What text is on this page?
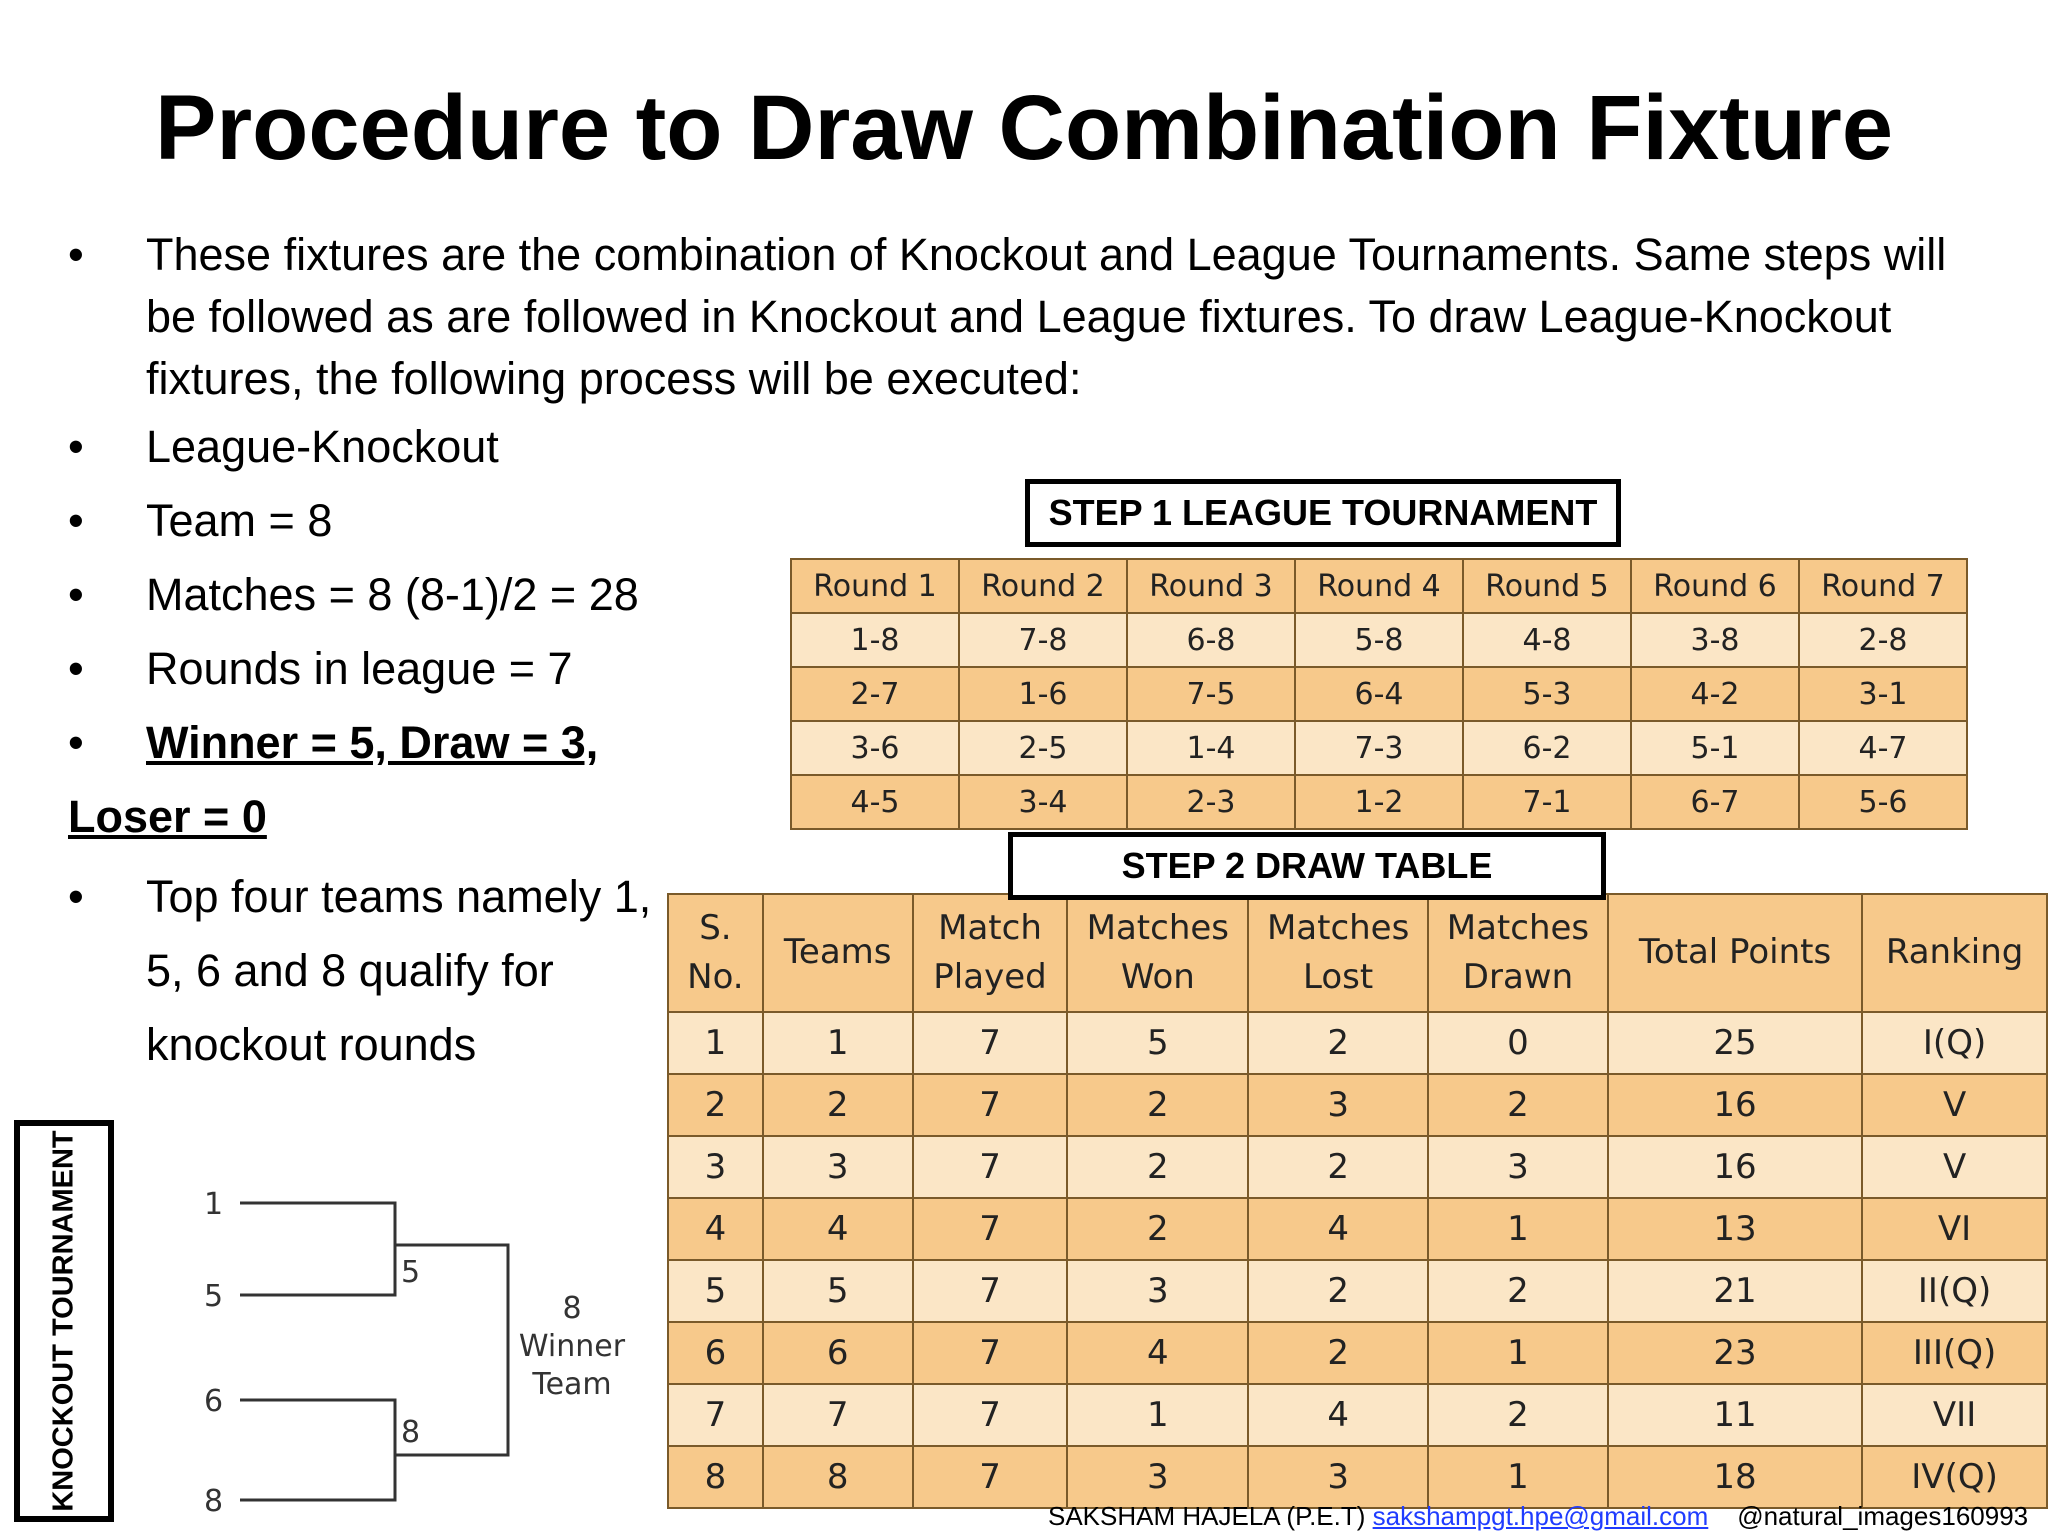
Procedure to Draw Combination Fixture
• These fixtures are the combination of Knockout and League Tournaments. Same steps will be followed as are followed in Knockout and League fixtures. To draw League-Knockout fixtures, the following process will be executed:
• League-Knockout
• Team = 8
• Matches = 8 (8-1)/2 = 28
• Rounds in league = 7
• Winner = 5, Draw = 3,
Loser = 0
• Top four teams namely 1, 5, 6 and 8 qualify for knockout rounds
STEP 1 LEAGUE TOURNAMENT
Round 1	Round 2	Round 3	Round 4	Round 5	Round 6	Round 7
1-8	7-8	6-8	5-8	4-8	3-8	2-8
2-7	1-6	7-5	6-4	5-3	4-2	3-1
3-6	2-5	1-4	7-3	6-2	5-1	4-7
4-5	3-4	2-3	1-2	7-1	6-7	5-6
STEP 2 DRAW TABLE
S. No.	Teams	Match Played	Matches Won	Matches Lost	Matches Drawn	Total Points	Ranking
1	1	7	5	2	0	25	I(Q)
2	2	7	2	3	2	16	V
3	3	7	2	2	3	16	V
4	4	7	2	4	1	13	VI
5	5	7	3	2	2	21	II(Q)
6	6	7	4	2	1	23	III(Q)
7	7	7	1	4	2	11	VII
8	8	7	3	3	1	18	IV(Q)
KNOCKOUT TOURNAMENT	1
5
6
8
5
8
8
Winner
Team
SAKSHAM HAJELA (P.E.T) sakshampgt.hpe@gmail.com @natural_images160993
